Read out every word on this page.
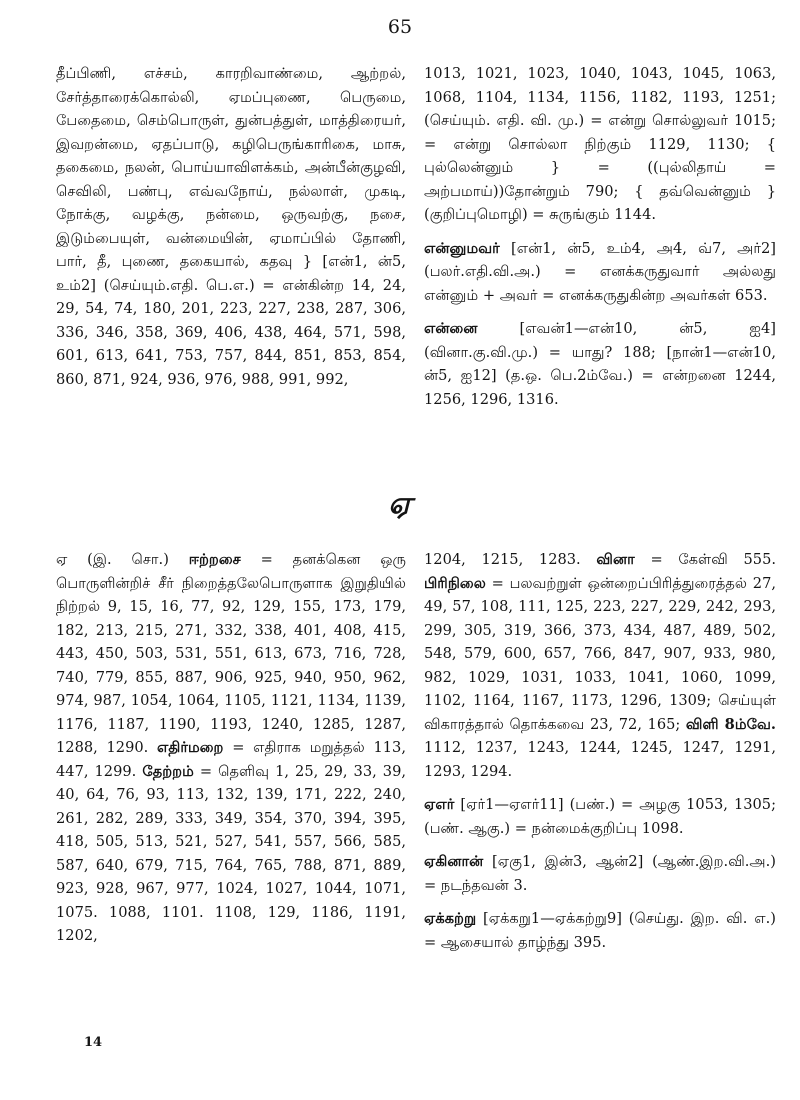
65

தீப்பிணி, எச்சம், காரறிவாண்மை, ஆற்றல், சேர்த்தாரைக்கொல்லி, ஏமப்புணை, பெருமை, பேதைமை, செம்பொருள், துன்பத்துள், மாத்திரையர், இவறன்மை, ஏதப்பாடு, கழிபெருங்காரிகை, மாசு, தகைமை, நலன், பொய்யாவிளக்கம், அன்பீன்குழவி, செவிலி, பண்பு, எவ்வநோய், நல்லாள், முகடி, நோக்கு, வழக்கு, நன்மை, ஒருவற்கு, நசை, இடும்பையுள், வன்மையின், ஏமாப்பில் தோணி, பார், தீ, புணை, தகையால், கதவு } [என்1, ன்5, உம்2] (செய்யும்.எதி. பெ.எ.) = என்கின்ற 14, 24, 29, 54, 74, 180, 201, 223, 227, 238, 287, 306, 336, 346, 358, 369, 406, 438, 464, 571, 598, 601, 613, 641, 753, 757, 844, 851, 853, 854, 860, 871, 924, 936, 976, 988, 991, 992,

1013, 1021, 1023, 1040, 1043, 1045, 1063, 1068, 1104, 1134, 1156, 1182, 1193, 1251; (செய்யும். எதி. வி. மு.) = என்று சொல்லுவர் 1015; = என்று சொல்லா நிற்கும் 1129, 1130; { புல்லென்னும் } = ((புல்லிதாய் = அற்பமாய்))தோன்றும் 790; { தவ்வென்னும் } (குறிப்புமொழி) = சுருங்கும் 1144.

என்னுமவர் [என்1, ன்5, உம்4, அ4, வ்7, அர்2] (பலர்.எதி.வி.அ.) = எனக்கருதுவார் அல்லது என்னும் + அவர் = எனக்கருதுகின்ற அவர்கள் 653.

என்னை [எவன்1—என்10, ன்5, ஐ4] (வினா.கு.வி.மு.) = யாது? 188; [நான்1—என்10, ன்5, ஐ12] (த.ஒ. பெ.2ம்வே.) = என்றனை 1244, 1256, 1296, 1316.

ஏ

ஏ (இ. சொ.) ஈற்றசை = தனக்கென ஒரு பொருளின்றிச் சீர் நிறைத்தலேபொருளாக இறுதியில் நிற்றல் 9, 15, 16, 77, 92, 129, 155, 173, 179, 182, 213, 215, 271, 332, 338, 401, 408, 415, 443, 450, 503, 531, 551, 613, 673, 716, 728, 740, 779, 855, 887, 906, 925, 940, 950, 962, 974, 987, 1054, 1064, 1105, 1121, 1134, 1139, 1176, 1187, 1190, 1193, 1240, 1285, 1287, 1288, 1290. எதிர்மறை = எதிராக மறுத்தல் 113, 447, 1299. தேற்றம் = தெளிவு 1, 25, 29, 33, 39, 40, 64, 76, 93, 113, 132, 139, 171, 222, 240, 261, 282, 289, 333, 349, 354, 370, 394, 395, 418, 505, 513, 521, 527, 541, 557, 566, 585, 587, 640, 679, 715, 764, 765, 788, 871, 889, 923, 928, 967, 977, 1024, 1027, 1044, 1071, 1075. 1088, 1101. 1108, 129, 1186, 1191, 1202,

1204, 1215, 1283. வினா = கேள்வி 555. பிரிநிலை = பலவற்றுள் ஒன்றைப்பிரித்துரைத்தல் 27, 49, 57, 108, 111, 125, 223, 227, 229, 242, 293, 299, 305, 319, 366, 373, 434, 487, 489, 502, 548, 579, 600, 657, 766, 847, 907, 933, 980, 982, 1029, 1031, 1033, 1041, 1060, 1099, 1102, 1164, 1167, 1173, 1296, 1309; செய்யுள் விகாரத்தால் தொக்கவை 23, 72, 165; விளி 8ம்வே. 1112, 1237, 1243, 1244, 1245, 1247, 1291, 1293, 1294.

ஏஎர் [ஏர்1—ஏஎர்11] (பண்.) = அழகு 1053, 1305; (பண். ஆகு.) = நன்மைக்குறிப்பு 1098.

ஏகினான் [ஏகு1, இன்3, ஆன்2] (ஆண்.இற.வி.அ.) = நடந்தவன் 3.

ஏக்கற்று [ஏக்கறு1—ஏக்கற்று9] (செய்து. இற. வி. எ.) = ஆசையால் தாழ்ந்து 395.

14
